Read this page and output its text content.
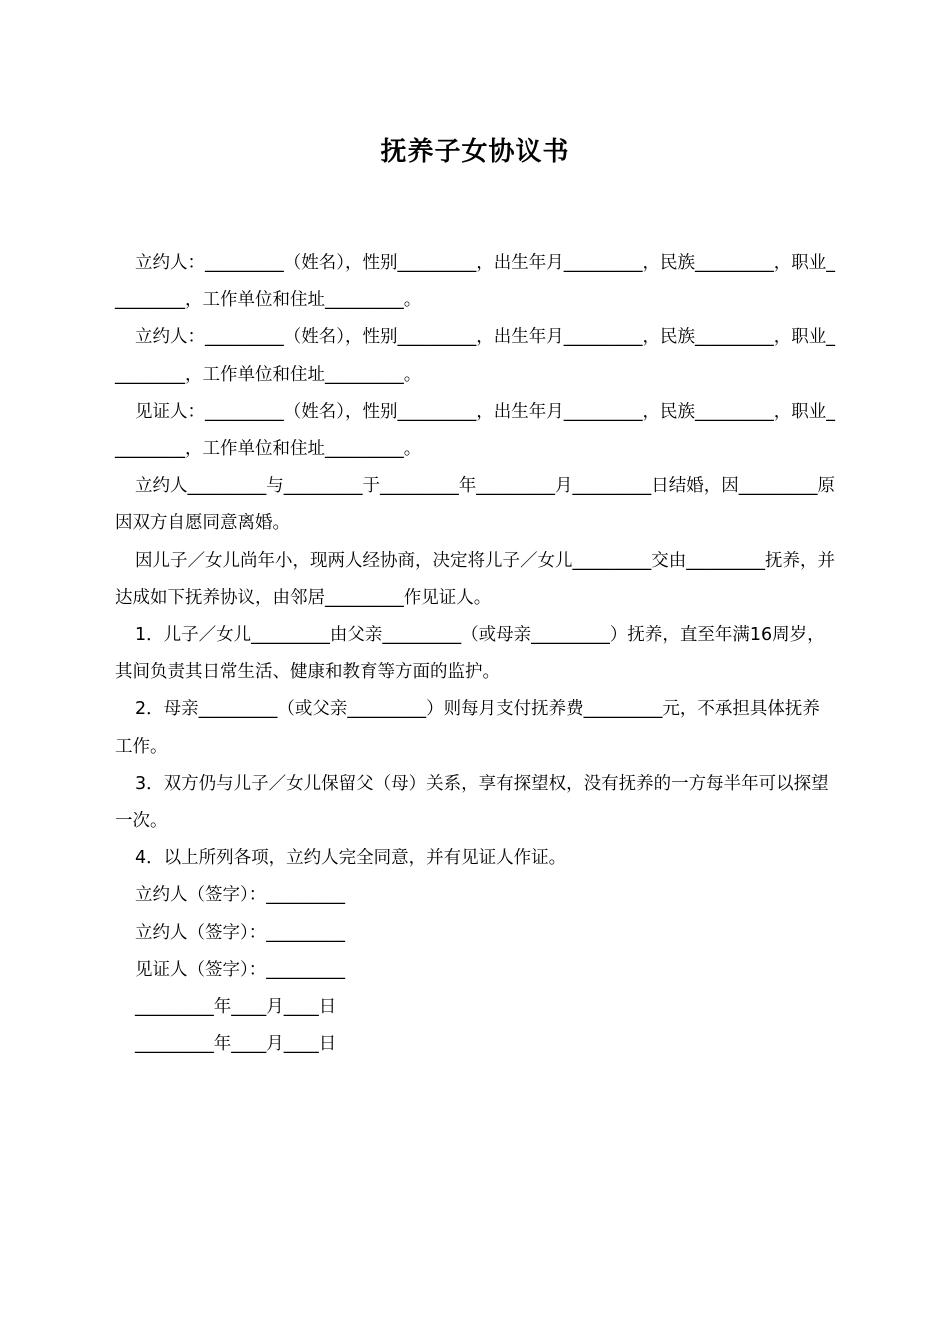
抚养子女协议书

立约人：_________（姓名），性别_________，出生年月_________，民族_________，职业_________，工作单位和住址_________。

立约人：_________（姓名），性别_________，出生年月_________，民族_________，职业_________，工作单位和住址_________。

见证人：_________（姓名），性别_________，出生年月_________，民族_________，职业_________，工作单位和住址_________。

立约人_________与_________于_________年_________月_________日结婚，因_________原因双方自愿同意离婚。

因儿子／女儿尚年小，现两人经协商，决定将儿子／女儿_________交由_________抚养，并达成如下抚养协议，由邻居_________作见证人。

1．儿子／女儿_________由父亲_________（或母亲_________）抚养，直至年满16周岁，其间负责其日常生活、健康和教育等方面的监护。

2．母亲_________（或父亲_________）则每月支付抚养费_________元，不承担具体抚养工作。

3．双方仍与儿子／女儿保留父（母）关系，享有探望权，没有抚养的一方每半年可以探望一次。

4．以上所列各项，立约人完全同意，并有见证人作证。

立约人（签字）：_________

立约人（签字）：_________

见证人（签字）：_________

_________年____月____日

_________年____月____日
